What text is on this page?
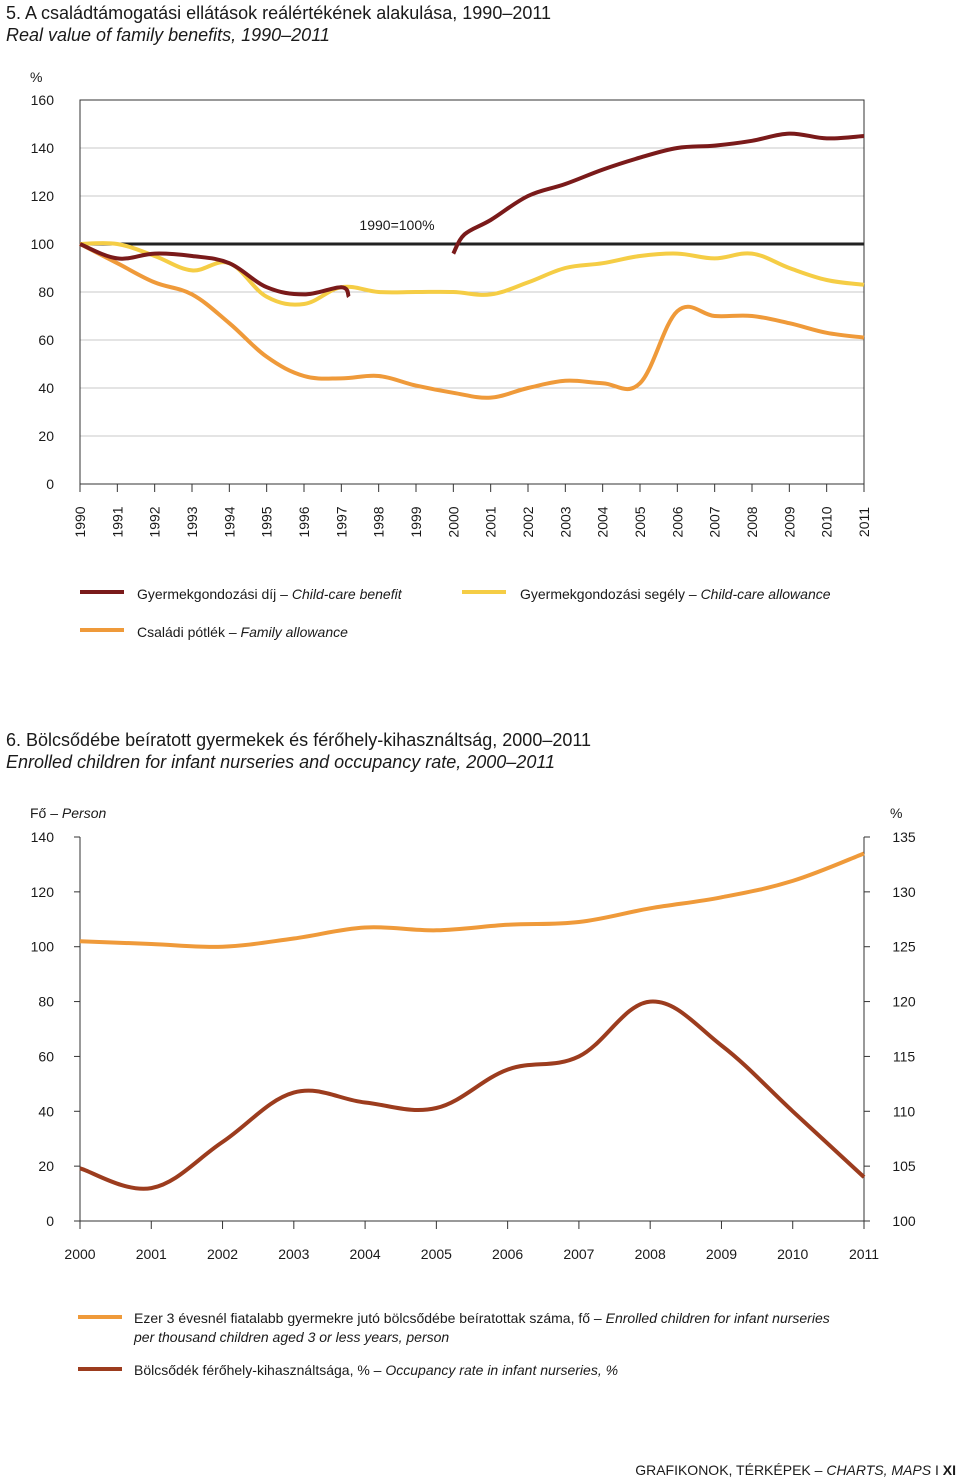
5. A családtámogatási ellátások reálértékének alakulása, 1990–2011
Real value of family benefits, 1990–2011
%
0
20
40
60
80
100
120
140
160
1990 1991 1992 1993 1994 1995 1996 1997 1998 1999 2000 2001 2002 2003 2004 2005 2006 2007 2008 2009 2010 2011
1990=100%
Gyermekgondozási díj – Child-care benefit	Gyermekgondozási segély – Child-care allowance
Családi pótlék – Family allowance
6. Bölcsődébe beíratott gyermekek és férőhely-kihasználtság, 2000–2011
Enrolled children for infant nurseries and occupancy rate, 2000–2011
Fő – Person	%
0
20
40
60
80
100
120
140
100
105
110
115
120
125
130
135
2000	2001	2002	2003	2004	2005	2006	2007	2008	2009	2010	2011
Ezer 3 évesnél fiatalabb gyermekre jutó bölcsődébe beíratottak száma, fő – Enrolled children for infant nurseries
per thousand children aged 3 or less years, person
Bölcsődék férőhely-kihasználtsága, % – Occupancy rate in infant nurseries, %
GRAFIKONOK, TÉRKÉPEK – CHARTS, MAPS I XI
